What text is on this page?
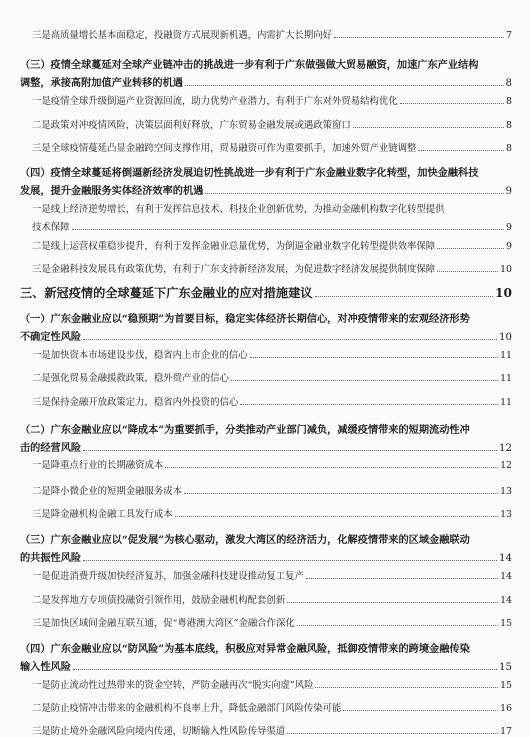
三是高质量增长基本面稳定，投融资方式展现新机遇，内需扩大长期向好	7
（三）疫情全球蔓延对全球产业链冲击的挑战进一步有利于广东做强做大贸易融资，加速广东产业结构
调整，承接高附加值产业转移的机遇	8
一是疫情全球升级倒逼产业资源回流，助力优势产业潜力，有利于广东对外贸易结构优化	8
二是政策对冲疫情风险，决策层面利好释放，广东贸易金融发展或遇政策窗口	8
三是全球疫情蔓延凸显金融跨空间支撑作用，贸易融资可作为重要抓手，加速外贸产业链调整	8
（四）疫情全球蔓延将倒逼新经济发展迫切性挑战进一步有利于广东金融业数字化转型，加快金融科技
发展，提升金融服务实体经济效率的机遇	9
一是线上经济逆势增长，有利于发挥信息技术、科技企业创新优势，为推动金融机构数字化转型提供
技术保障	9
二是线上运营权重稳步提升，有利于发挥金融业总量优势，为倒逼金融业数字化转型提供效率保障	9
三是金融科技发展具有政策优势，有利于广东支持新经济发展，为促进数字经济发展提供制度保障	10
三、新冠疫情的全球蔓延下广东金融业的应对措施建议	10
（一）广东金融业应以“稳预期”为首要目标，稳定实体经济长期信心，对冲疫情带来的宏观经济形势
不确定性风险	10
一是加快资本市场建设步伐，稳省内上市企业的信心	11
二是强化贸易金融援救政策，稳外贸产业的信心	11
三是保持金融开放政策定力，稳省内外投资的信心	11
（二）广东金融业应以“降成本”为重要抓手，分类推动产业部门减负，减缓疫情带来的短期流动性冲
击的经营风险	12
一是降重点行业的长期融资成本	12
二是降小微企业的短期金融服务成本	13
三是降金融机构金融工具发行成本	13
（三）广东金融业应以“促发展”为核心驱动，激发大湾区的经济活力，化解疫情带来的区域金融联动
的共振性风险	14
一是促进消费升级加快经济复苏，加强金融科技建设推动复工复产	14
二是发挥地方专项债投融资引领作用，鼓励金融机构配套创新	14
三是加快区域间金融互联互通，促“粤港澳大湾区”金融合作深化	15
（四）广东金融业应以“防风险”为基本底线，积极应对异常金融风险，抵御疫情带来的跨境金融传染
输入性风险	15
一是防止流动性过热带来的资金空转，严防金融再次“脱实向虚”风险	15
二是防止疫情冲击带来的金融机构不良率上升，降低金融部门风险传染可能	16
三是防止境外金融风险向境内传递，切断输入性风险传导渠道	17
